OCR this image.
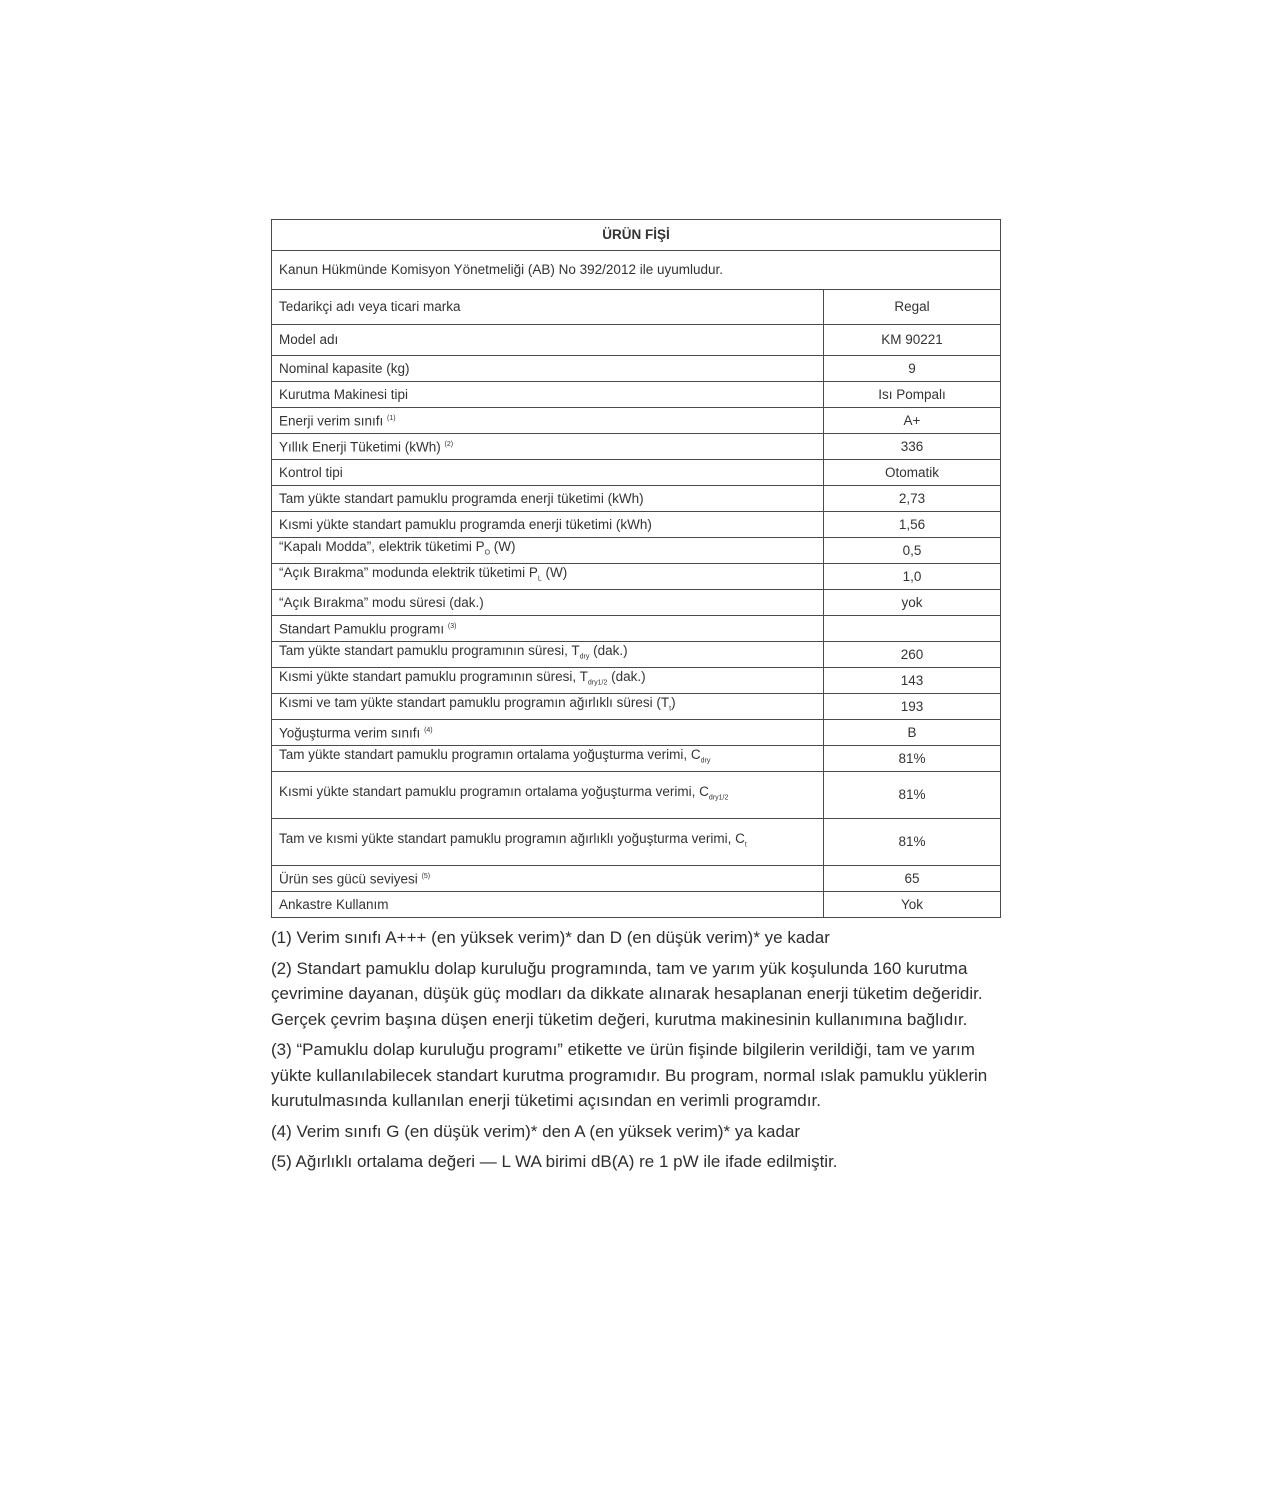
ÜRÜN FİŞİ	
Kanun Hükmünde Komisyon Yönetmeliği (AB) No 392/2012 ile uyumludur.	
Tedarikçi adı veya ticari marka	Regal
Model adı	KM 90221
Nominal kapasite (kg)	9
Kurutma Makinesi tipi	Isı Pompalı
Enerji verim sınıfı $^{(1)}$	A+
Yıllık Enerji Tüketimi (kWh) $^{(2)}$	336
Kontrol tipi	Otomatik
Tam yükte standart pamuklu programda enerji tüketimi (kWh)	2,73
Kısmi yükte standart pamuklu programda enerji tüketimi (kWh)	1,56
“Kapalı Modda”, elektrik tüketimi $P_O$ (W)	0,5
“Açık Bırakma” modunda elektrik tüketimi $P_L$ (W)	1,0
“Açık Bırakma” modu süresi (dak.)	yok
Standart Pamuklu programı $^{(3)}$	
Tam yükte standart pamuklu programının süresi, $T_{dry}$ (dak.)	260
Kısmi yükte standart pamuklu programının süresi, $T_{dry1/2}$ (dak.)	143
Kısmi ve tam yükte standart pamuklu programın ağırlıklı süresi $(T_t)$	193
Yoğuşturma verim sınıfı $^{(4)}$	B
Tam yükte standart pamuklu programın ortalama yoğuşturma verimi, $C_{dry}$	81%
Kısmi yükte standart pamuklu programın ortalama yoğuşturma verimi, $C_{dry1/2}$	81%
Tam ve kısmi yükte standart pamuklu programın ağırlıklı yoğuşturma verimi, $C_t$	81%
Ürün ses gücü seviyesi $^{(5)}$	65
Ankastre Kullanım	Yok

(1) Verim sınıfı A+++ (en yüksek verim)* dan D (en düşük verim)* ye kadar

(2) Standart pamuklu dolap kuruluğu programında, tam ve yarım yük koşulunda 160 kurutma çevrimine dayanan, düşük güç modları da dikkate alınarak hesaplanan enerji tüketim değeridir. Gerçek çevrim başına düşen enerji tüketim değeri, kurutma makinesinin kullanımına bağlıdır.

(3) “Pamuklu dolap kuruluğu programı” etikette ve ürün fişinde bilgilerin verildiği, tam ve yarım yükte kullanılabilecek standart kurutma programıdır. Bu program, normal ıslak pamuklu yüklerin kurutulmasında kullanılan enerji tüketimi açısından en verimli programdır.

(4) Verim sınıfı G (en düşük verim)* den A (en yüksek verim)* ya kadar

(5) Ağırlıklı ortalama değeri — L WA birimi dB(A) re 1 pW ile ifade edilmiştir.
